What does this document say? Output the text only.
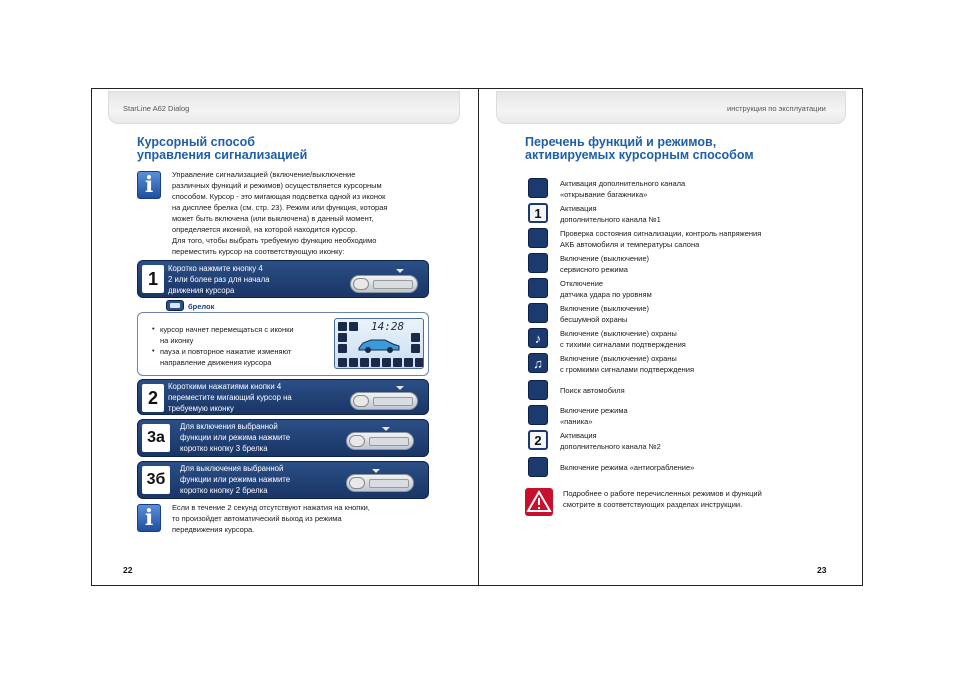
StarLine A62 Dialog
Курсорный способ
управления сигнализацией
i	Управление сигнализацией (включение/выключение
различных функций и режимов) осуществляется курсорным
способом. Курсор - это мигающая подсветка одной из иконок
на дисплее брелка (см. стр. 23). Режим или функция, которая
может быть включена (или выключена) в данный момент,
определяется иконкой, на которой находится курсор.
Для того, чтобы выбрать требуемую функцию необходимо
переместить курсор на соответствующую иконку:
1	Коротко нажмите кнопку 4
2 или более раз для начала
движения курсора
брелок
• курсор начнет перемещаться с иконки
на иконку
• пауза и повторное нажатие изменяют
направление движения курсора
14:28
2
Короткими нажатиями кнопки 4
переместите мигающий курсор на
требуемую иконку
3а
Для включения выбранной
функции или режима нажмите
коротко кнопку 3 брелка
3б
Для выключения выбранной
функции или режима нажмите
коротко кнопку 2 брелка
i	Если в течение 2 секунд отсутствуют нажатия на кнопки,
то произойдет автоматический выход из режима
передвижения курсора.
22
инструкция по эксплуатации
Перечень функций и режимов,
активируемых курсорным способом
Активация дополнительного канала
«открывание багажника»
1	Активация
дополнительного канала №1
Проверка состояния сигнализации, контроль напряжения
АКБ автомобиля и температуры салона
Включение (выключение)
сервисного режима
Отключение
датчика удара по уровням
Включение (выключение)
бесшумной охраны
♪	Включение (выключение) охраны
с тихими сигналами подтверждения
♫	Включение (выключение) охраны
с громкими сигналами подтверждения
Поиск автомобиля
Включение режима
«паника»
2	Активация
дополнительного канала №2
Включение режима «антиограбление»
Подробнее о работе перечисленных режимов и функций
смотрите в соответствующих разделах инструкции.
23
